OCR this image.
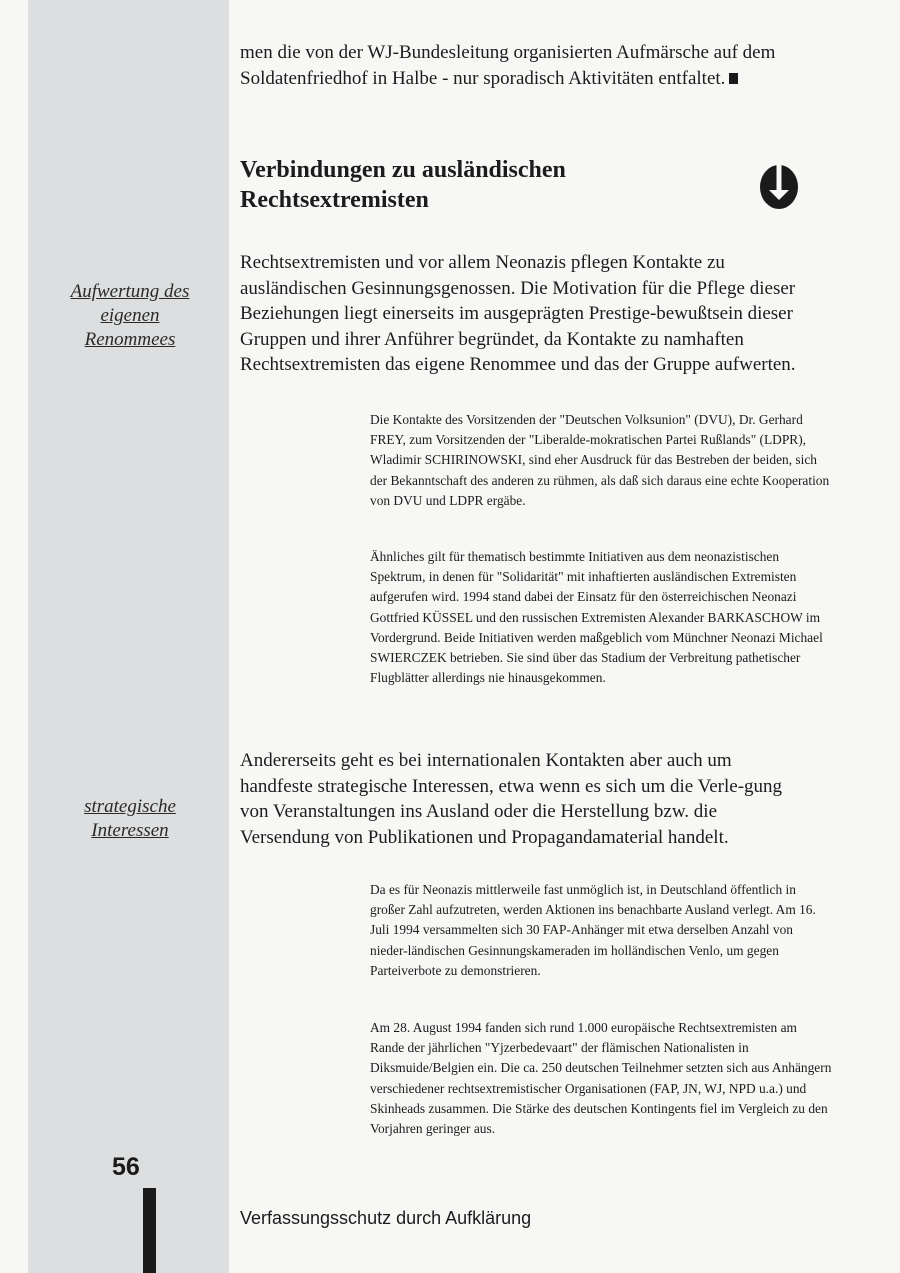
men die von der WJ-Bundesleitung organisierten Aufmärsche auf dem Soldatenfriedhof in Halbe - nur sporadisch Aktivitäten entfaltet.

Verbindungen zu ausländischen Rechtsextremisten
Aufwertung des eigenen Renommees
strategische Interessen

Rechtsextremisten und vor allem Neonazis pflegen Kontakte zu ausländischen Gesinnungsgenossen. Die Motivation für die Pflege dieser Beziehungen liegt einerseits im ausgeprägten Prestige-bewußtsein dieser Gruppen und ihrer Anführer begründet, da Kontakte zu namhaften Rechtsextremisten das eigene Renommee und das der Gruppe aufwerten.

Die Kontakte des Vorsitzenden der "Deutschen Volksunion" (DVU), Dr. Gerhard FREY, zum Vorsitzenden der "Liberalde-mokratischen Partei Rußlands" (LDPR), Wladimir SCHIRINOWSKI, sind eher Ausdruck für das Bestreben der beiden, sich der Bekanntschaft des anderen zu rühmen, als daß sich daraus eine echte Kooperation von DVU und LDPR ergäbe.

Ähnliches gilt für thematisch bestimmte Initiativen aus dem neonazistischen Spektrum, in denen für "Solidarität" mit inhaftierten ausländischen Extremisten aufgerufen wird. 1994 stand dabei der Einsatz für den österreichischen Neonazi Gottfried KÜSSEL und den russischen Extremisten Alexander BARKASCHOW im Vordergrund. Beide Initiativen werden maßgeblich vom Münchner Neonazi Michael SWIERCZEK betrieben. Sie sind über das Stadium der Verbreitung pathetischer Flugblätter allerdings nie hinausgekommen.

Andererseits geht es bei internationalen Kontakten aber auch um handfeste strategische Interessen, etwa wenn es sich um die Verle-gung von Veranstaltungen ins Ausland oder die Herstellung bzw. die Versendung von Publikationen und Propagandamaterial handelt.

Da es für Neonazis mittlerweile fast unmöglich ist, in Deutschland öffentlich in großer Zahl aufzutreten, werden Aktionen ins benachbarte Ausland verlegt. Am 16. Juli 1994 versammelten sich 30 FAP-Anhänger mit etwa derselben Anzahl von nieder-ländischen Gesinnungskameraden im holländischen Venlo, um gegen Parteiverbote zu demonstrieren.

Am 28. August 1994 fanden sich rund 1.000 europäische Rechtsextremisten am Rande der jährlichen "Yjzerbedevaart" der flämischen Nationalisten in Diksmuide/Belgien ein. Die ca. 250 deutschen Teilnehmer setzten sich aus Anhängern verschiedener rechtsextremistischer Organisationen (FAP, JN, WJ, NPD u.a.) und Skinheads zusammen. Die Stärke des deutschen Kontingents fiel im Vergleich zu den Vorjahren geringer aus.

56
Verfassungsschutz durch Aufklärung
